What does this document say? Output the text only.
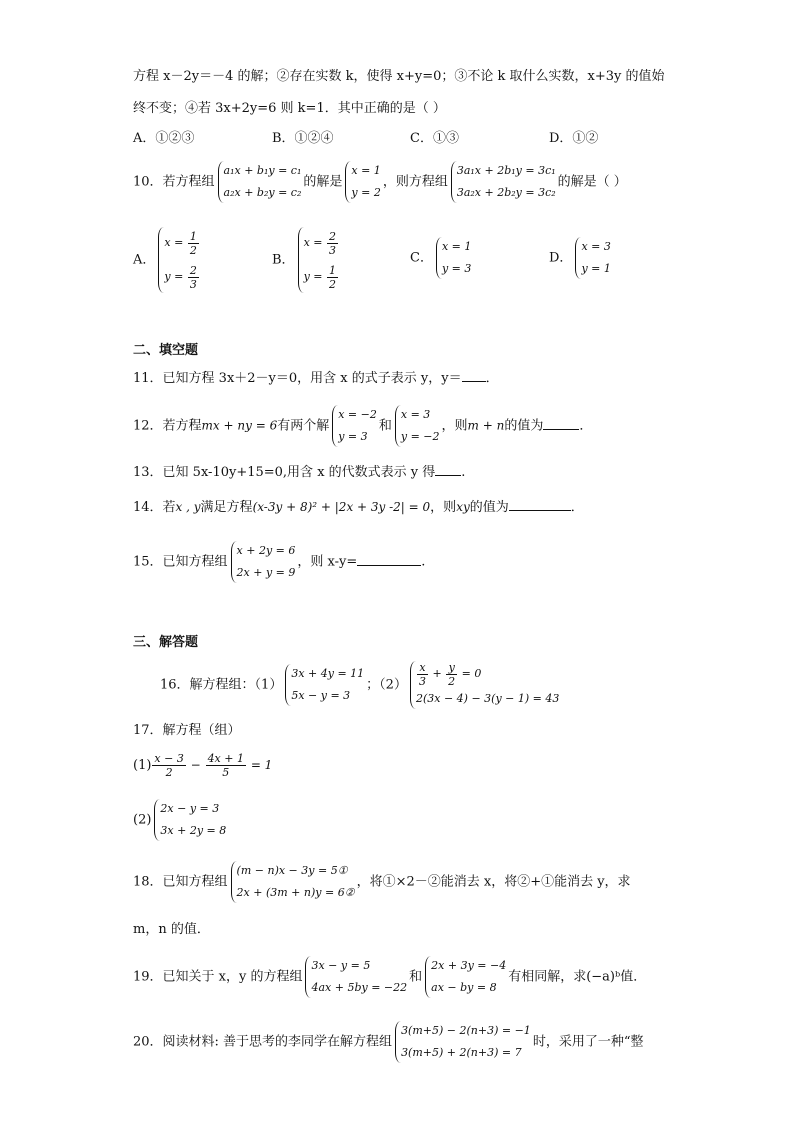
方程 x－2y＝－4 的解；②存在实数 k，使得 x+y=0；③不论 k 取什么实数，x+3y 的值始
终不变；④若 3x+2y=6 则 k=1．其中正确的是（ ）
A．①②③	B．①②④	C．①③	D．①②
10．若方程组
a₁x + b₁y = c₁
a₂x + b₂y = c₂
的解是
x = 1
y = 2
，则方程组
3a₁x + 2b₁y = 3c₁
3a₂x + 2b₂y = 3c₂
的解是（ ）
A．
$x = \frac{1}{2}$
$y = \frac{2}{3}$
B．
$x = \frac{2}{3}$
$y = \frac{1}{2}$
C．
x = 1
y = 3
D．
x = 3
y = 1
二、填空题
11．已知方程 3x＋2－y＝0，用含 x 的式子表示 y，y＝ ．
12．若方程mx + ny = 6有两个解
x = −2
y = 3
和
x = 3
y = −2
，则m + n的值为	．
13．已知 5x-10y+15=0,用含 x 的代数式表示 y 得 .
14．若x , y满足方程(x-3y + 8)² + |2x + 3y -2| = 0，则xy的值为	．
15．已知方程组
x + 2y = 6
2x + y = 9
，则 x-y=	.
三、解答题
16．解方程组：（1）
3x + 4y = 11
5x − y = 3
；$(2) \frac{x}{3} + \frac{y}{2} = 0$
2(3x − 4) − 3(y − 1) = 43
17．解方程（组）
$(1) \frac{x - 3}{2} - \frac{4x + 1}{5} = 1$
(2)
2x − y = 3
3x + 2y = 8
18．已知方程组
(m − n)x − 3y = 5①
2x + (3m + n)y = 6②
，将①×2－②能消去 x，将②+①能消去 y，求
m，n 的值．
19．已知关于 x，y 的方程组
3x − y = 5
4ax + 5by = −22
和
2x + 3y = −4
ax − by = 8
有相同解，求(−a)ᵇ值．
20．阅读材料: 善于思考的李同学在解方程组
3(m+5) − 2(n+3) = −1
3(m+5) + 2(n+3) = 7
时，采用了一种“整
